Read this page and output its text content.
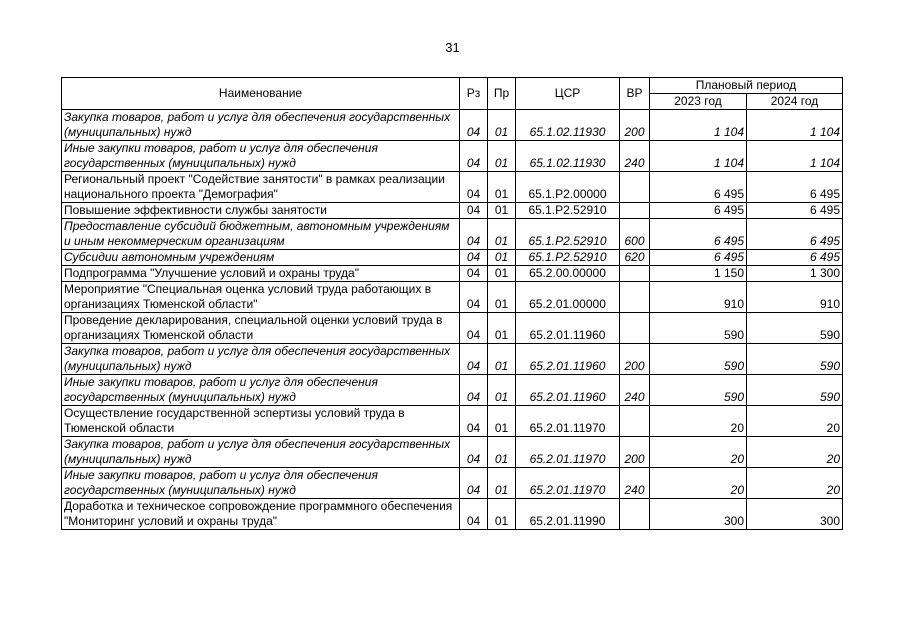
31
Наименование	Рз	Пр	ЦСР	ВР	Плановый период	
					2023 год	2024 год
Закупка товаров, работ и услуг для обеспечения государственных (муниципальных) нужд	04	01	65.1.02.11930	200	1 104	1 104
Иные закупки товаров, работ и услуг для обеспечения государственных (муниципальных) нужд	04	01	65.1.02.11930	240	1 104	1 104
Региональный проект "Содействие занятости" в рамках реализации национального проекта "Демография"	04	01	65.1.P2.00000		6 495	6 495
Повышение эффективности службы занятости	04	01	65.1.P2.52910		6 495	6 495
Предоставление субсидий бюджетным, автономным учреждениям и иным некоммерческим организациям	04	01	65.1.P2.52910	600	6 495	6 495
Субсидии автономным учреждениям	04	01	65.1.P2.52910	620	6 495	6 495
Подпрограмма "Улучшение условий и охраны труда"	04	01	65.2.00.00000		1 150	1 300
Мероприятие "Специальная оценка условий труда работающих в организациях Тюменской области"	04	01	65.2.01.00000		910	910
Проведение декларирования, специальной оценки условий труда в организациях Тюменской области	04	01	65.2.01.11960		590	590
Закупка товаров, работ и услуг для обеспечения государственных (муниципальных) нужд	04	01	65.2.01.11960	200	590	590
Иные закупки товаров, работ и услуг для обеспечения государственных (муниципальных) нужд	04	01	65.2.01.11960	240	590	590
Осуществление государственной эспертизы условий труда в Тюменской области	04	01	65.2.01.11970		20	20
Закупка товаров, работ и услуг для обеспечения государственных (муниципальных) нужд	04	01	65.2.01.11970	200	20	20
Иные закупки товаров, работ и услуг для обеспечения государственных (муниципальных) нужд	04	01	65.2.01.11970	240	20	20
Доработка и техническое сопровождение программного обеспечения "Мониторинг условий и охраны труда"	04	01	65.2.01.11990		300	300
